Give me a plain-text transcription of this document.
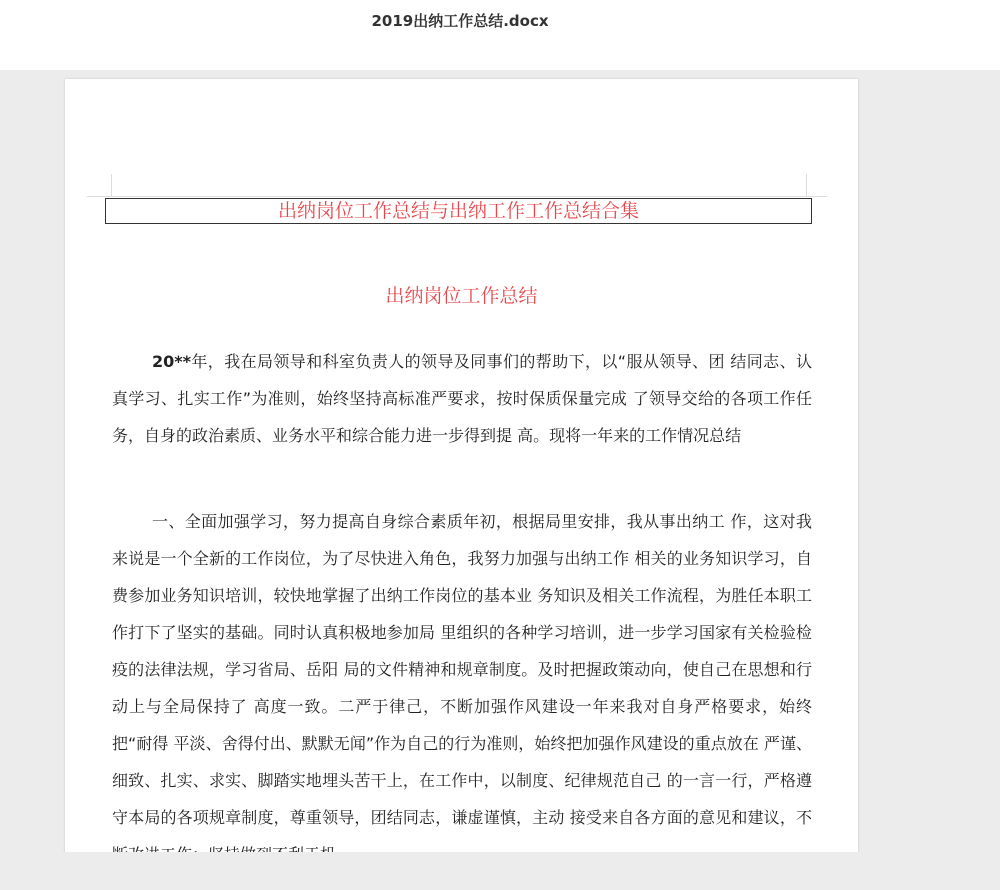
2019出纳工作总结.docx
出纳岗位工作总结与出纳工作工作总结合集
出纳岗位工作总结

20**年，我在局领导和科室负责人的领导及同事们的帮助下，以“服从领导、团 结同志、认真学习、扎实工作”为准则，始终坚持高标准严要求，按时保质保量完成 了领导交给的各项工作任务，自身的政治素质、业务水平和综合能力进一步得到提 高。现将一年来的工作情况总结

一、全面加强学习，努力提高自身综合素质年初，根据局里安排，我从事出纳工 作，这对我来说是一个全新的工作岗位，为了尽快进入角色，我努力加强与出纳工作 相关的业务知识学习，自费参加业务知识培训，较快地掌握了出纳工作岗位的基本业 务知识及相关工作流程，为胜任本职工作打下了坚实的基础。同时认真积极地参加局 里组织的各种学习培训，进一步学习国家有关检验检疫的法律法规，学习省局、岳阳 局的文件精神和规章制度。及时把握政策动向，使自己在思想和行动上与全局保持了 高度一致。二严于律己，不断加强作风建设一年来我对自身严格要求，始终把“耐得 平淡、舍得付出、默默无闻”作为自己的行为准则，始终把加强作风建设的重点放在 严谨、细致、扎实、求实、脚踏实地埋头苦干上，在工作中，以制度、纪律规范自己 的一言一行，严格遵守本局的各项规章制度，尊重领导，团结同志，谦虚谨慎，主动 接受来自各方面的意见和建议，不
